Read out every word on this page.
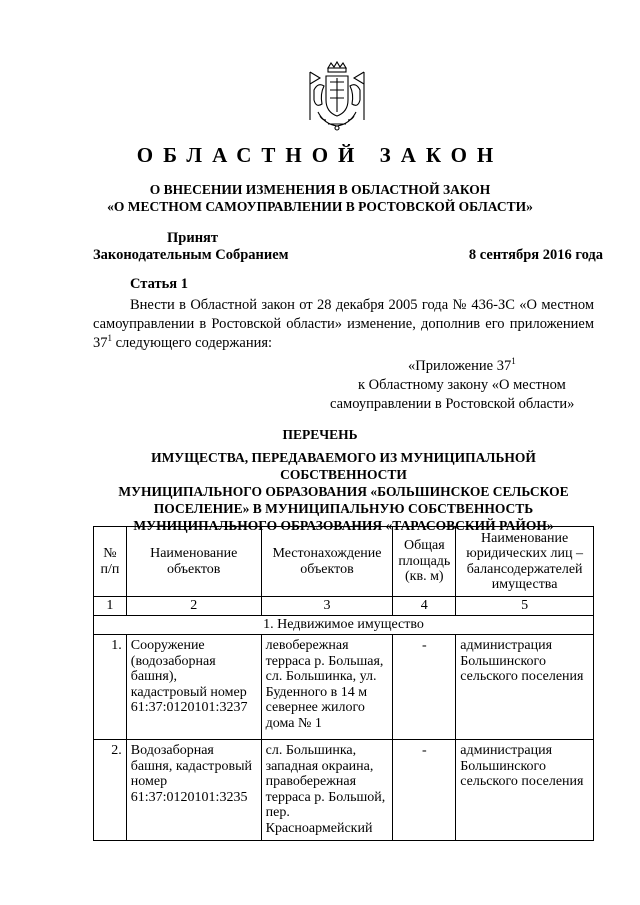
ОБЛАСТНОЙ ЗАКОН
О ВНЕСЕНИИ ИЗМЕНЕНИЯ В ОБЛАСТНОЙ ЗАКОН
«О МЕСТНОМ САМОУПРАВЛЕНИИ В РОСТОВСКОЙ ОБЛАСТИ»
Принят
Законодательным Собранием	8 сентября 2016 года
Статья 1
Внести в Областной закон от 28 декабря 2005 года № 436-ЗС «О местном самоуправлении в Ростовской области» изменение, дополнив его приложением $37^1$ следующего содержания:
«Приложение $37^1$
к Областному закону «О местном
самоуправлении в Ростовской области»
ПЕРЕЧЕНЬ
ИМУЩЕСТВА, ПЕРЕДАВАЕМОГО ИЗ МУНИЦИПАЛЬНОЙ СОБСТВЕННОСТИ
МУНИЦИПАЛЬНОГО ОБРАЗОВАНИЯ «БОЛЬШИНСКОЕ СЕЛЬСКОЕ
ПОСЕЛЕНИЕ» В МУНИЦИПАЛЬНУЮ СОБСТВЕННОСТЬ
МУНИЦИПАЛЬНОГО ОБРАЗОВАНИЯ «ТАРАСОВСКИЙ РАЙОН»
№ п/п	Наименование объектов	Местонахождение объектов	Общая площадь (кв. м)	Наименование юридических лиц – балансодержателей имущества
1	2	3	4	5
1. Недвижимое имущество				
1.	Сооружение (водозаборная башня), кадастровый номер 61:37:0120101:3237	левобережная терраса р. Большая, сл. Большинка, ул. Буденного в 14 м севернее жилого дома № 1	-	администрация Большинского сельского поселения
2.	Водозаборная башня, кадастровый номер 61:37:0120101:3235	сл. Большинка, западная окраина, правобережная терраса р. Большой, пер. Красноармейский	-	администрация Большинского сельского поселения
